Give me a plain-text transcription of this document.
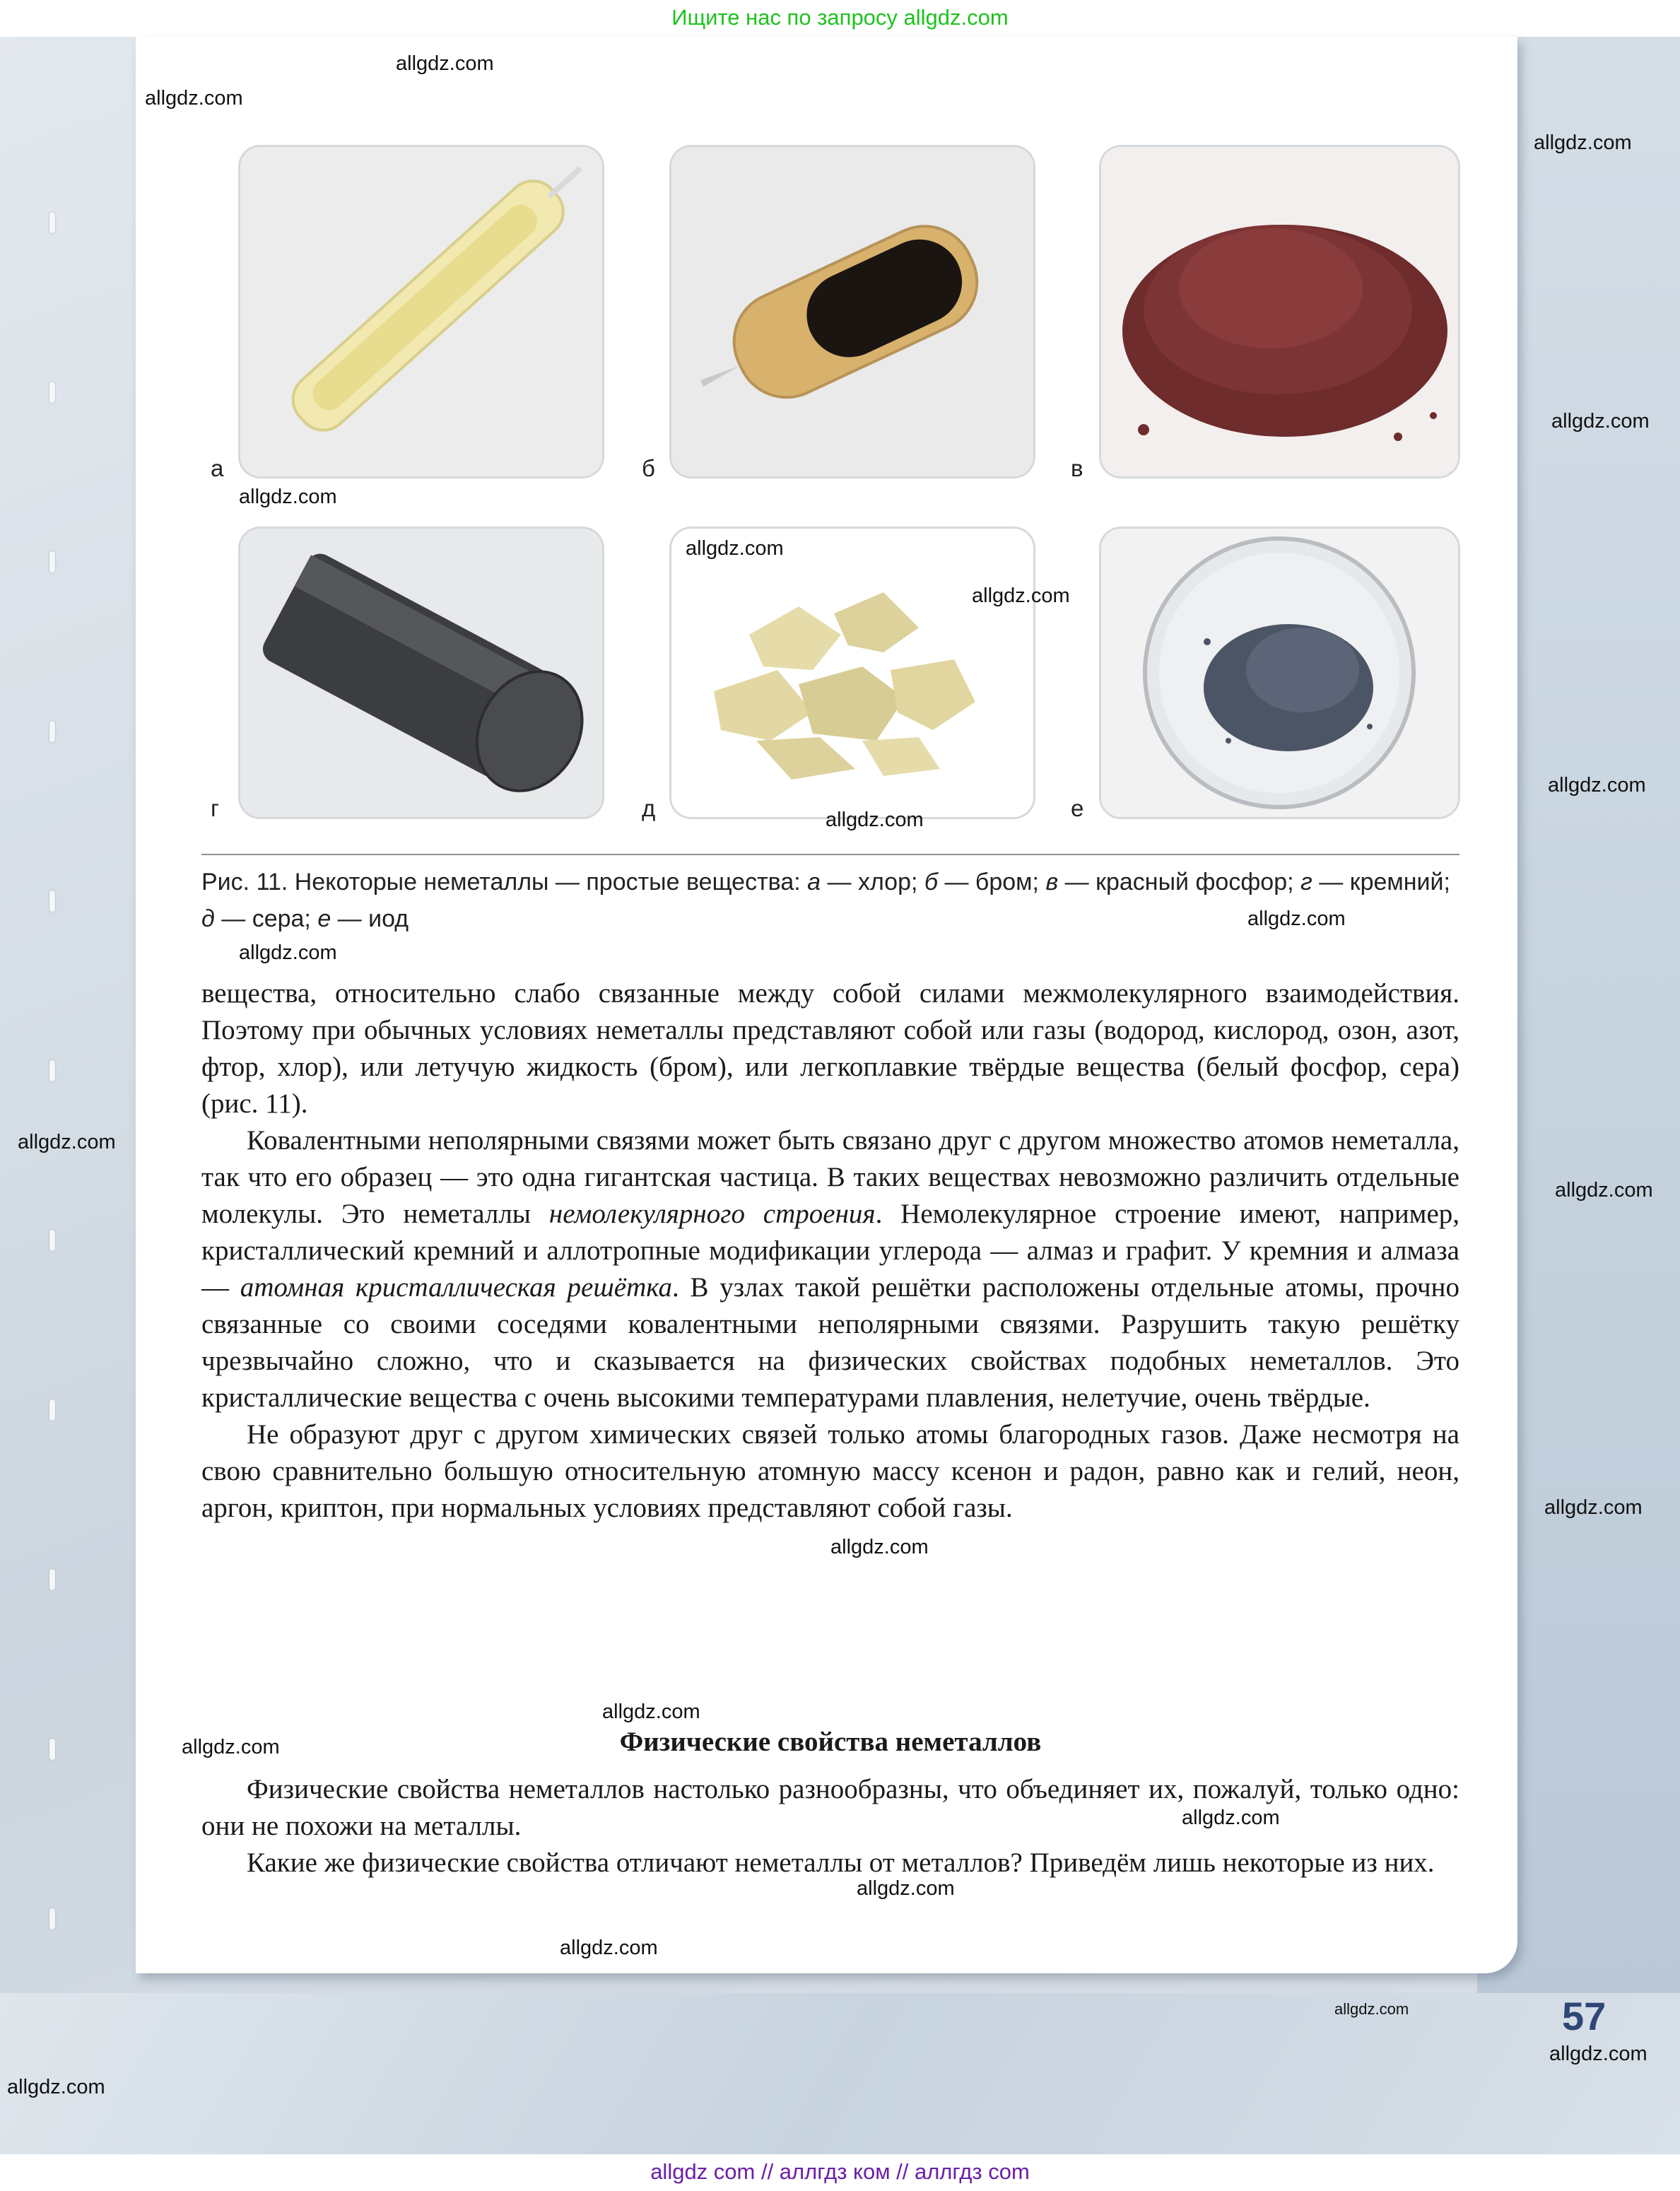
Ищите нас по запросу allgdz.com
а	б	в
г	д	е
Рис. 11. Некоторые неметаллы — простые вещества: а — хлор; б — бром; в — красный фосфор; г — кремний; д — сера; е — иод

вещества, относительно слабо связанные между собой силами межмолекулярного взаимодействия. Поэтому при обычных условиях неметаллы представляют собой или газы (водород, кислород, озон, азот, фтор, хлор), или летучую жидкость (бром), или легкоплавкие твёрдые вещества (белый фосфор, сера) (рис. 11).

Ковалентными неполярными связями может быть связано друг с другом множество атомов неметалла, так что его образец — это одна гигантская частица. В таких веществах невозможно различить отдельные молекулы. Это неметаллы немолекулярного строения. Немолекулярное строение имеют, например, кристаллический кремний и аллотропные модификации углерода — алмаз и графит. У кремния и алмаза — атомная кристаллическая решётка. В узлах такой решётки расположены отдельные атомы, прочно связанные со своими соседями ковалентными неполярными связями. Разрушить такую решётку чрезвычайно сложно, что и сказывается на физических свойствах подобных неметаллов. Это кристаллические вещества с очень высокими температурами плавления, нелетучие, очень твёрдые.

Не образуют друг с другом химических связей только атомы благородных газов. Даже несмотря на свою сравнительно большую относительную атомную массу ксенон и радон, равно как и гелий, неон, аргон, криптон, при нормальных условиях представляют собой газы.

Физические свойства неметаллов

Физические свойства неметаллов настолько разнообразны, что объединяет их, пожалуй, только одно: они не похожи на металлы.

Какие же физические свойства отличают неметаллы от металлов? Приведём лишь некоторые из них.

57
allgdz.com
allgdz.com
allgdz.com
allgdz.com
allgdz.com
allgdz.com
allgdz.com
allgdz.com
allgdz.com
allgdz.com
allgdz.com
allgdz.com
allgdz.com
allgdz.com
allgdz.com
allgdz.com
allgdz.com
allgdz.com
allgdz.com
allgdz.com
allgdz.com
allgdz.com
allgdz.com
allgdz com // аллгдз ком // аллгдз com
